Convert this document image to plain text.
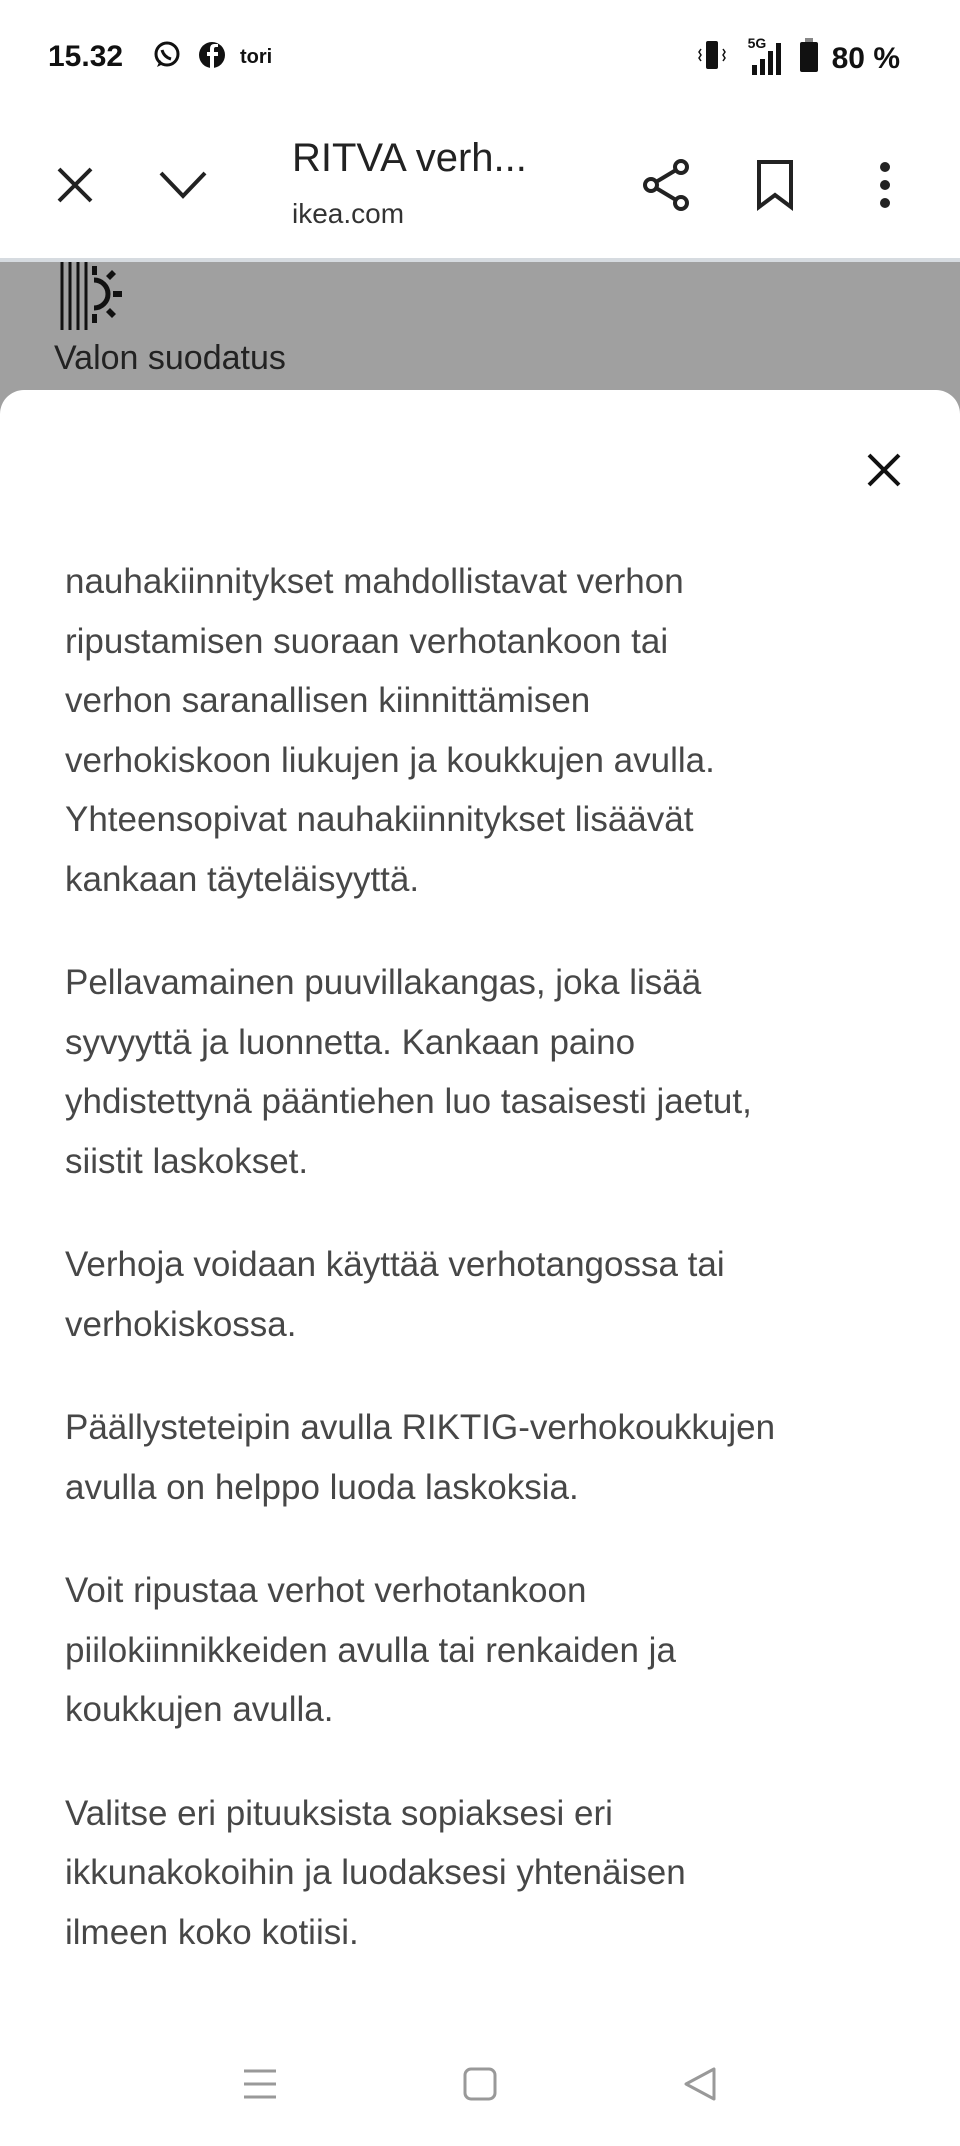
15.32	tori
5G 80 %
RITVA verh...
ikea.com
Valon suodatus

nauhakiinnitykset mahdollistavat verhon
ripustamisen suoraan verhotankoon tai
verhon saranallisen kiinnittämisen
verhokiskoon liukujen ja koukkujen avulla.
Yhteensopivat nauhakiinnitykset lisäävät
kankaan täyteläisyyttä.

Pellavamainen puuvillakangas, joka lisää
syvyyttä ja luonnetta. Kankaan paino
yhdistettynä pääntiehen luo tasaisesti jaetut,
siistit laskokset.

Verhoja voidaan käyttää verhotangossa tai
verhokiskossa.

Päällysteteipin avulla RIKTIG-verhokoukkujen
avulla on helppo luoda laskoksia.

Voit ripustaa verhot verhotankoon
piilokiinnikkeiden avulla tai renkaiden ja
koukkujen avulla.

Valitse eri pituuksista sopiaksesi eri
ikkunakokoihin ja luodaksesi yhtenäisen
ilmeen koko kotiisi.
